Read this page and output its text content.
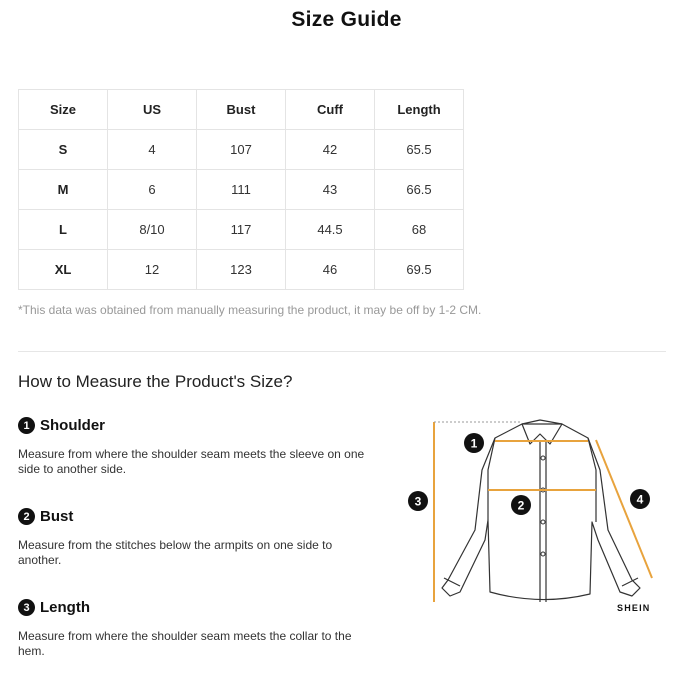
Size Guide
Size	US	Bust	Cuff	Length
S	4	107	42	65.5
M	6	111	43	66.5
L	8/10	117	44.5	68
XL	12	123	46	69.5
*This data was obtained from manually measuring the product, it may be off by 1-2 CM.
How to Measure the Product's Size?
1 Shoulder
Measure from where the shoulder seam meets the sleeve on one side to another side.
2 Bust
Measure from the stitches below the armpits on one side to another.
3 Length
Measure from where the shoulder seam meets the collar to the hem.
1
2
3	4
SHEIN
